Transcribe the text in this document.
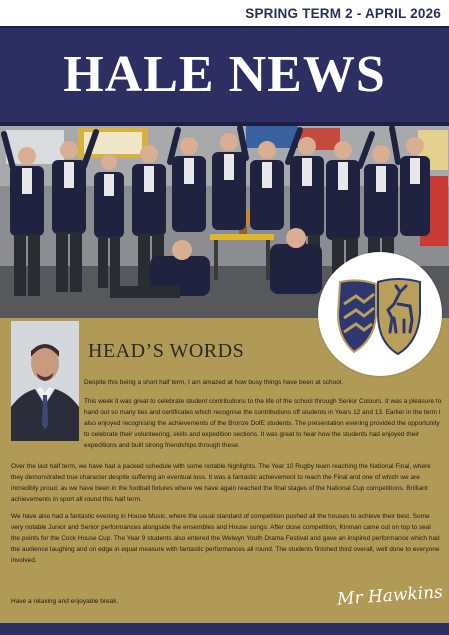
SPRING TERM 2 - APRIL 2026
HALE NEWS
HEAD’S WORDS

Despite this being a short half term, I am amazed at how busy things have been at school.

This week it was great to celebrate student contributions to the life of the school through Senior Colours. It was a pleasure to hand out so many ties and certificates which recognise the contributions off students in Years 12 and 13. Earlier in the term I also enjoyed recognising the achievements of the Bronze DofE students. The presentation evening provided the opportunity to celebrate their volunteering, skills and expedition sections. It was great to hear how the students had enjoyed their expeditions and built strong friendships through these.

Over the last half term, we have had a packed schedule with some notable highlights. The Year 10 Rugby team reaching the National Final, where they demonstrated true character despite suffering an eventual loss. It was a fantastic achievement to reach the Final and one of which we are incredibly proud, as we have been in the football fixtures where we have again reached the final stages of the National Cup competitions. Brilliant achievements in sport all round this half term.

We have also had a fantastic evening in House Music, where the usual standard of competition pushed all the houses to achieve their best. Some very notable Junior and Senior performances alongside the ensembles and House songs. After close competition, Kinman came out on top to seal the points for the Cock House Cup. The Year 9 students also entered the Welwyn Youth Drama Festival and gave an inspired performance which had the audience laughing and on edge in equal measure with fantastic performances all round. The students finished third overall, well done to everyone involved.

Have a relaxing and enjoyable break.	Mr Hawkins
